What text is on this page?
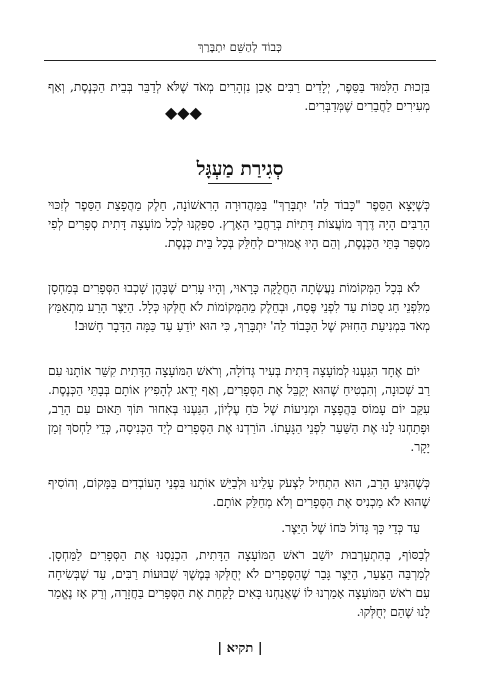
כְּבוֹד לְהַשֵּׁם יִתְבָּרַךְ

בִּזְכוּת הַלִּמּוּד בַּסֵּפֶר, יְלָדִים רַבִּים אָכֵן נִזְהָרִים מְאֹד שֶׁלֹּא לְדַבֵּר בְּבֵית הַכְּנֶסֶת, וְאַף מְעִירִים לַחֲבֵרִים שֶׁמְּדַבְּרִים.

◆◆◆
סְגִירַת מַעְגָּל

כְּשֶׁיָּצָא הַסֵּפֶר "כָּבוֹד לַה' יִתְבָּרַךְ" בַּמַּהֲדוּרָה הָרִאשׁוֹנָה, חֵלֶק מֵהֲפָצַת הַסֵּפֶר לְזִכּוּי הָרַבִּים הָיָה דֶּרֶךְ מוֹעֲצוֹת דָּתִיּוֹת בְּרַחֲבֵי הָאָרֶץ. סִפַּקְנוּ לְכָל מוֹעָצָה דָּתִית סְפָרִים לְפִי מִסְפַּר בָּתֵּי הַכְּנֶסֶת, וְהֵם הָיוּ אֲמוּרִים לְחַלֵּק בְּכָל בֵּית כְּנֶסֶת.

לֹא בְּכָל הַמְּקוֹמוֹת נַעֲשְׂתָה הַחֲלֻקָּה כָּרָאוּי, וְהָיוּ עָרִים שֶׁבָּהֶן שָׁכְבוּ הַסְּפָרִים בְּמַחְסָן מִלִּפְנֵי חַג סֻכּוֹת עַד לִפְנֵי פֶּסַח, וּבְחֵלֶק מֵהַמְּקוֹמוֹת לֹא חֻלְּקוּ כְּלָל. הַיֵּצֶר הָרַע מִתְאַמֵּץ מְאֹד בִּמְנִיעַת הַחִזּוּק שֶׁל הַכָּבוֹד לַה' יִתְבָּרַךְ, כִּי הוּא יוֹדֵעַ עַד כַּמָּה הַדָּבָר חָשׁוּב!

יוֹם אֶחָד הִגַּעְנוּ לְמוֹעָצָה דָּתִית בְּעִיר גְּדוֹלָה, וְרֹאשׁ הַמּוֹעָצָה הַדָּתִית קִשֵּׁר אוֹתָנוּ עִם רַב שְׁכוּנָה, וְהִבְטִיחַ שֶׁהוּא יְקַבֵּל אֶת הַסְּפָרִים, וְאַף יְדַאג לְהָפִיץ אוֹתָם בְּבָתֵּי הַכְּנֶסֶת. עִקֵּב יוֹם עָמוֹס בַּהֲפָצָה וּמְנִיעוֹת שֶׁל כֹּחַ עֶלְיוֹן, הִגַּעְנוּ בְּאִחוּר תּוֹךְ תֵּאוּם עִם הָרַב, וּפָתַחְנוּ לָנוּ אֶת הַשַּׁעַר לִפְנֵי הַגָּעָתוֹ. הוֹרַדְנוּ אֶת הַסְּפָרִים לְיַד הַכְּנִיסָה, כְּדֵי לַחְסֹךְ זְמַן יָקָר.

כְּשֶׁהִגִּיעַ הָרַב, הוּא הִתְחִיל לִצְעֹק עָלֵינוּ וּלְבַיֵּשׁ אוֹתָנוּ בִּפְנֵי הָעוֹבְדִים בַּמָּקוֹם, וְהוֹסִיף שֶׁהוּא לֹא מַכְנִיס אֶת הַסְּפָרִים וְלֹא מְחַלֵּק אוֹתָם.

עַד כְּדֵי כָּךְ גָּדוֹל כֹּחוֹ שֶׁל הַיֵּצֶר.

לְבַסּוֹף, בְּהִתְעָרְבוּת יוֹשֵׁב רֹאשׁ הַמּוֹעָצָה הַדָּתִית, הִכְנַסְנוּ אֶת הַסְּפָרִים לַמַּחְסָן. לְמַרְבֵּה הַצַּעַר, הַיֵּצֶר גָּבַר שֶׁהַסְּפָרִים לֹא יְחֻלְּקוּ בְּמֶשֶׁךְ שְׁבוּעוֹת רַבִּים, עַד שֶׁבְּשִׂיחָה עִם רֹאשׁ הַמּוֹעָצָה אָמַרְנוּ לוֹ שֶׁאֲנַחְנוּ בָּאִים לָקַחַת אֶת הַסְּפָרִים בַּחֲזָרָה, וְרַק אָז נֶאֱמַר לָנוּ שֶׁהֵם יְחֻלְּקוּ.

| תקיא |
